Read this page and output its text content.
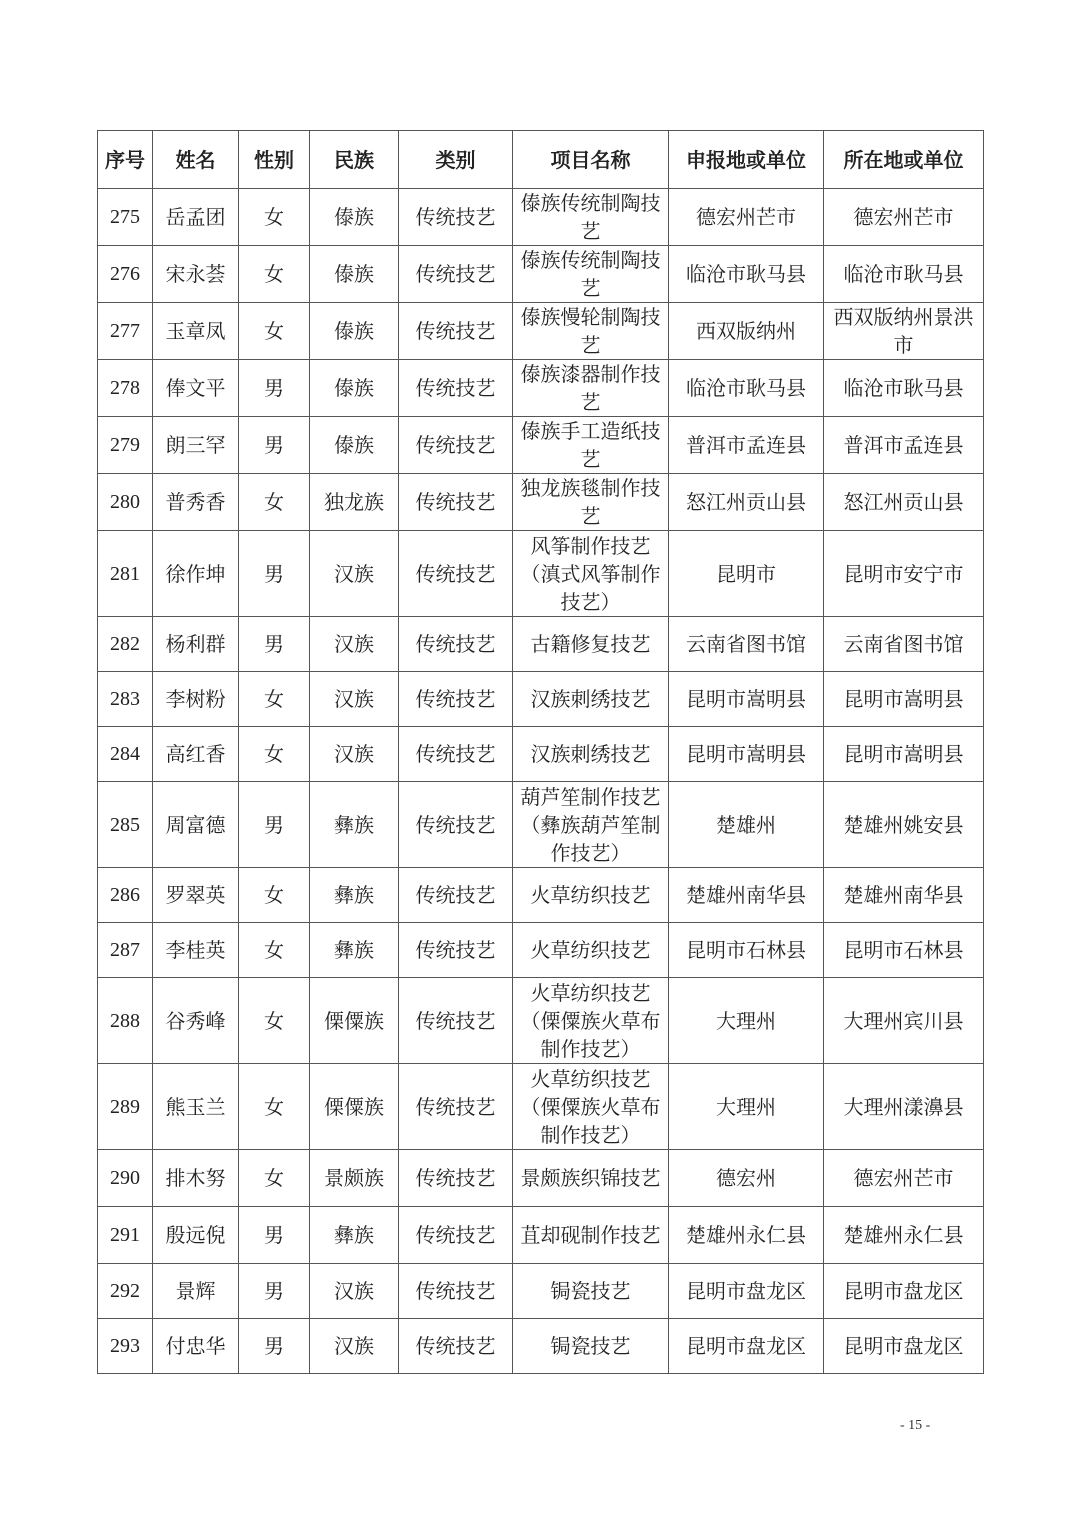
序号	姓名	性别	民族	类别	项目名称	申报地或单位	所在地或单位
275	岳孟团	女	傣族	传统技艺	傣族传统制陶技艺	德宏州芒市	德宏州芒市
276	宋永荟	女	傣族	传统技艺	傣族传统制陶技艺	临沧市耿马县	临沧市耿马县
277	玉章凤	女	傣族	传统技艺	傣族慢轮制陶技艺	西双版纳州	西双版纳州景洪市
278	俸文平	男	傣族	传统技艺	傣族漆器制作技艺	临沧市耿马县	临沧市耿马县
279	朗三罕	男	傣族	传统技艺	傣族手工造纸技艺	普洱市孟连县	普洱市孟连县
280	普秀香	女	独龙族	传统技艺	独龙族毯制作技艺	怒江州贡山县	怒江州贡山县
281	徐作坤	男	汉族	传统技艺	风筝制作技艺（滇式风筝制作技艺）	昆明市	昆明市安宁市
282	杨利群	男	汉族	传统技艺	古籍修复技艺	云南省图书馆	云南省图书馆
283	李树粉	女	汉族	传统技艺	汉族刺绣技艺	昆明市嵩明县	昆明市嵩明县
284	高红香	女	汉族	传统技艺	汉族刺绣技艺	昆明市嵩明县	昆明市嵩明县
285	周富德	男	彝族	传统技艺	葫芦笙制作技艺（彝族葫芦笙制作技艺）	楚雄州	楚雄州姚安县
286	罗翠英	女	彝族	传统技艺	火草纺织技艺	楚雄州南华县	楚雄州南华县
287	李桂英	女	彝族	传统技艺	火草纺织技艺	昆明市石林县	昆明市石林县
288	谷秀峰	女	傈僳族	传统技艺	火草纺织技艺（傈僳族火草布制作技艺）	大理州	大理州宾川县
289	熊玉兰	女	傈僳族	传统技艺	火草纺织技艺（傈僳族火草布制作技艺）	大理州	大理州漾濞县
290	排木努	女	景颇族	传统技艺	景颇族织锦技艺	德宏州	德宏州芒市
291	殷远倪	男	彝族	传统技艺	苴却砚制作技艺	楚雄州永仁县	楚雄州永仁县
292	景辉	男	汉族	传统技艺	锔瓷技艺	昆明市盘龙区	昆明市盘龙区
293	付忠华	男	汉族	传统技艺	锔瓷技艺	昆明市盘龙区	昆明市盘龙区
- 15 -
